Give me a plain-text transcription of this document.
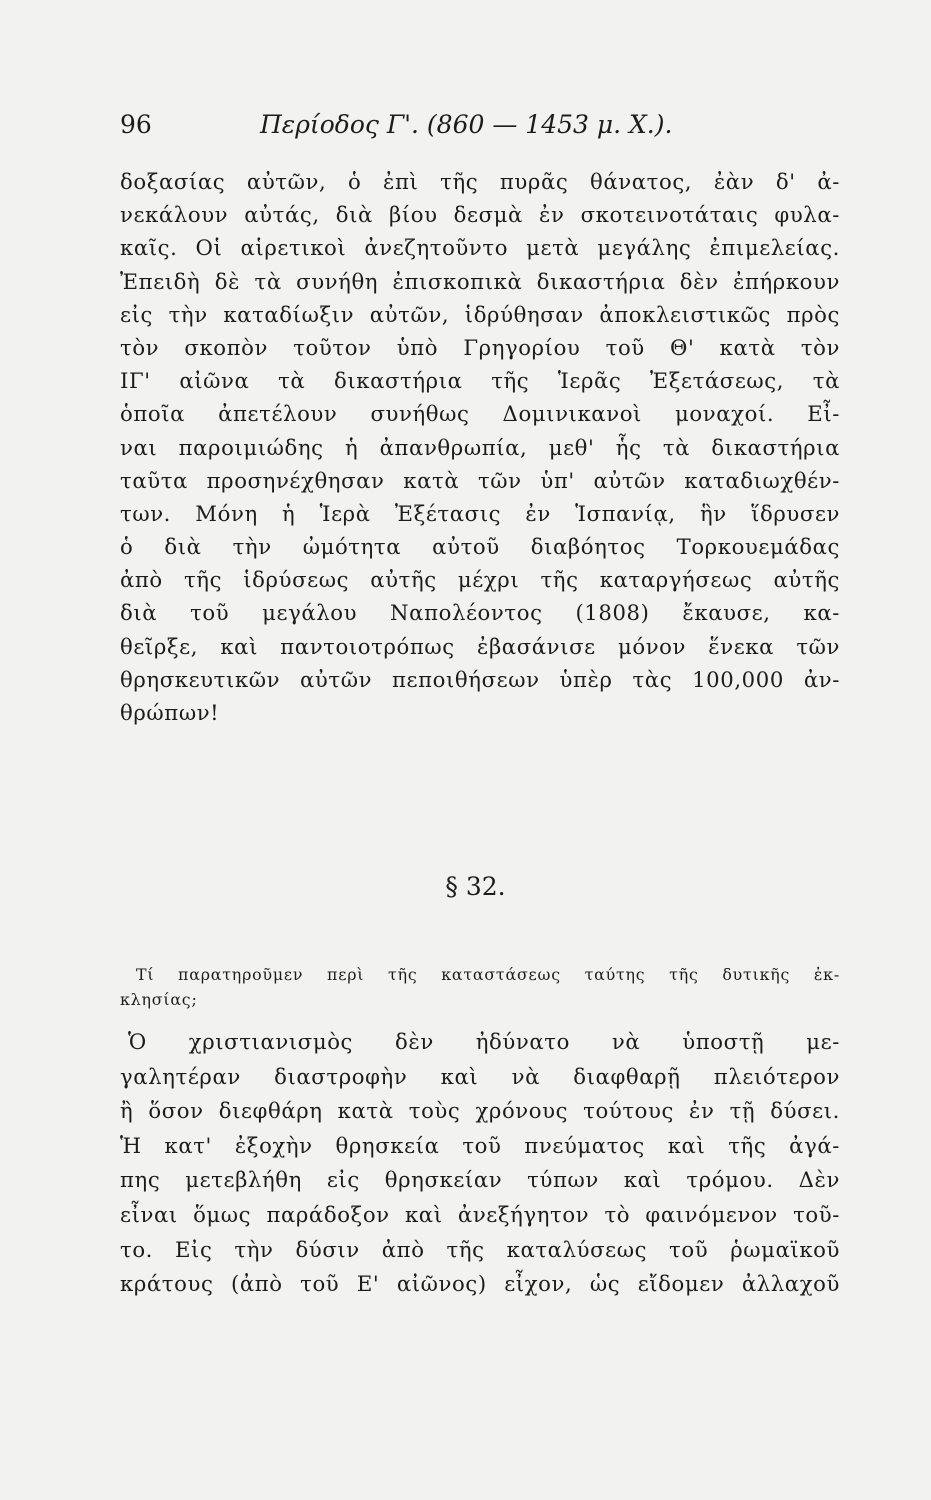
96	Περίοδος Γ'. (860 — 1453 μ. Χ.).
δοξασίας αὐτῶν, ὁ ἐπὶ τῆς πυρᾶς θάνατος, ἐὰν δ' ἀ-
νεκάλουν αὐτάς, διὰ βίου δεσμὰ ἐν σκοτεινοτάταις φυλα-
καῖς. Οἱ αἱρετικοὶ ἀνεζητοῦντο μετὰ μεγάλης ἐπιμελείας.
Ἐπειδὴ δὲ τὰ συνήθη ἐπισκοπικὰ δικαστήρια δὲν ἐπήρκουν
εἰς τὴν καταδίωξιν αὐτῶν, ἱδρύθησαν ἀποκλειστικῶς πρὸς
τὸν σκοπὸν τοῦτον ὑπὸ Γρηγορίου τοῦ Θ' κατὰ τὸν
ΙΓ' αἰῶνα τὰ δικαστήρια τῆς Ἱερᾶς Ἐξετάσεως, τὰ
ὁποῖα ἀπετέλουν συνήθως Δομινικανοὶ μοναχοί. Εἶ-
ναι παροιμιώδης ἡ ἀπανθρωπία, μεθ' ἧς τὰ δικαστήρια
ταῦτα προσηνέχθησαν κατὰ τῶν ὑπ' αὐτῶν καταδιωχθέν-
των. Μόνη ἡ Ἱερὰ Ἐξέτασις ἐν Ἱσπανίᾳ, ἣν ἵδρυσεν
ὁ διὰ τὴν ὠμότητα αὐτοῦ διαβόητος Τορκουεμάδας
ἀπὸ τῆς ἱδρύσεως αὐτῆς μέχρι τῆς καταργήσεως αὐτῆς
διὰ τοῦ μεγάλου Ναπολέοντος (1808) ἔκαυσε, κα-
θεῖρξε, καὶ παντοιοτρόπως ἐβασάνισε μόνον ἕνεκα τῶν
θρησκευτικῶν αὐτῶν πεποιθήσεων ὑπὲρ τὰς 100,000 ἀν-
θρώπων!
§ 32.
Τί παρατηροῦμεν περὶ τῆς καταστάσεως ταύτης τῆς δυτικῆς ἐκ-
κλησίας;
Ὁ χριστιανισμὸς δὲν ἠδύνατο νὰ ὑποστῇ με-
γαλητέραν διαστροφὴν καὶ νὰ διαφθαρῇ πλειότερον
ἢ ὅσον διεφθάρη κατὰ τοὺς χρόνους τούτους ἐν τῇ δύσει.
Ἡ κατ' ἐξοχὴν θρησκεία τοῦ πνεύματος καὶ τῆς ἀγά-
πης μετεβλήθη εἰς θρησκείαν τύπων καὶ τρόμου. Δὲν
εἶναι ὅμως παράδοξον καὶ ἀνεξήγητον τὸ φαινόμενον τοῦ-
το. Εἰς τὴν δύσιν ἀπὸ τῆς καταλύσεως τοῦ ῥωμαϊκοῦ
κράτους (ἀπὸ τοῦ Ε' αἰῶνος) εἶχον, ὡς εἴδομεν ἀλλαχοῦ
